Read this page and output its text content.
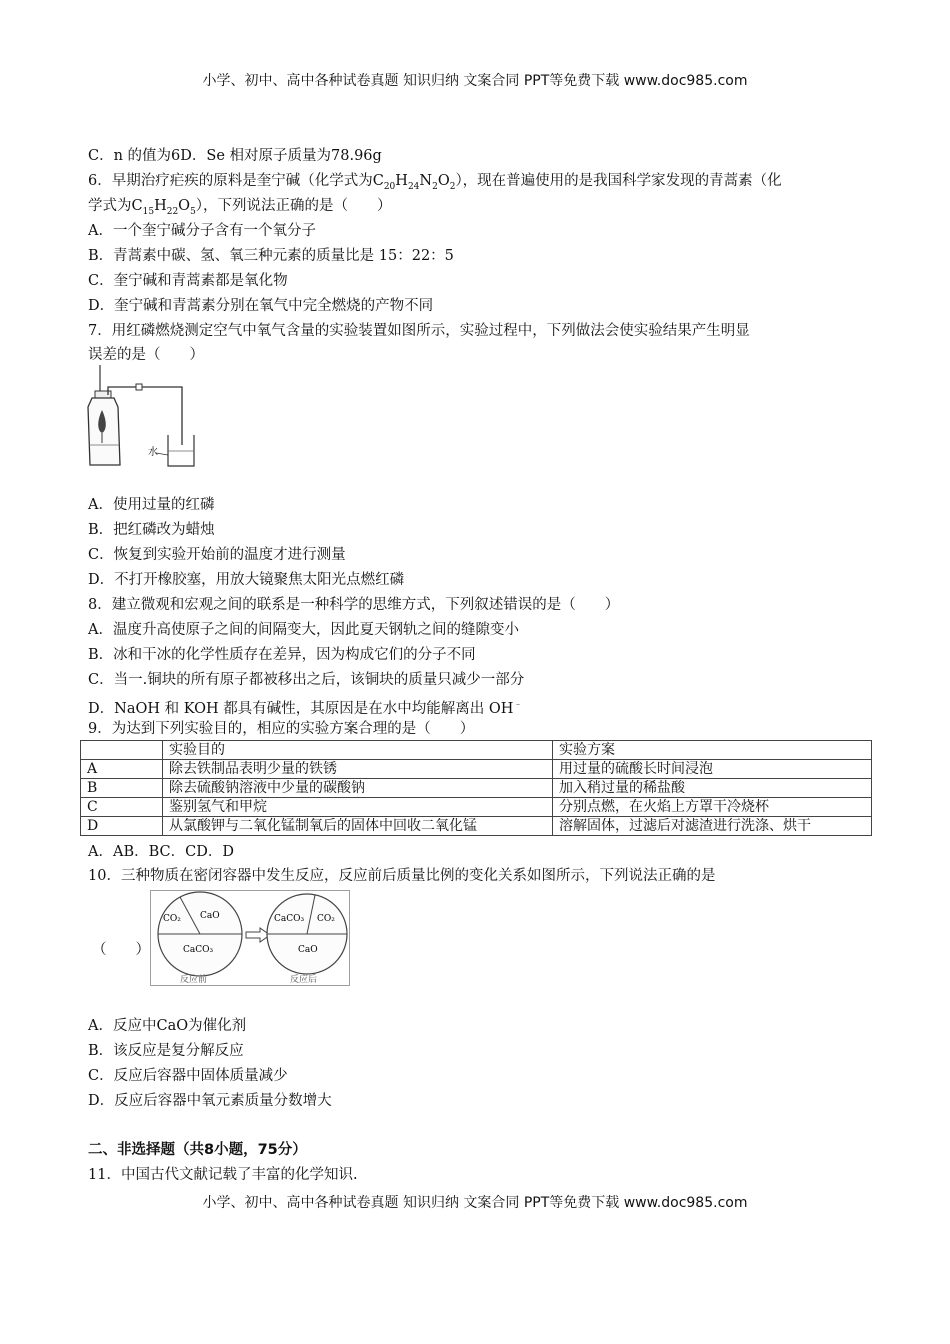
小学、初中、高中各种试卷真题 知识归纳 文案合同 PPT等免费下载 www.doc985.com
C．n 的值为6D．Se 相对原子质量为78.96g
6．早期治疗疟疾的原料是奎宁碱（化学式为$C_{20}H_{24}N_2O_2$），现在普遍使用的是我国科学家发现的青蒿素（化
学式为$C_{15}H_{22}O_5$），下列说法正确的是（　　）
A．一个奎宁碱分子含有一个氧分子
B．青蒿素中碳、氢、氧三种元素的质量比是 15：22：5
C．奎宁碱和青蒿素都是氧化物
D．奎宁碱和青蒿素分别在氧气中完全燃烧的产物不同
7．用红磷燃烧测定空气中氧气含量的实验装置如图所示，实验过程中，下列做法会使实验结果产生明显
误差的是（　　）
水
A．使用过量的红磷
B．把红磷改为蜡烛
C．恢复到实验开始前的温度才进行测量
D．不打开橡胶塞，用放大镜聚焦太阳光点燃红磷
8．建立微观和宏观之间的联系是一种科学的思维方式，下列叙述错误的是（　　）
A．温度升高使原子之间的间隔变大，因此夏天钢轨之间的缝隙变小
B．冰和干冰的化学性质存在差异，因为构成它们的分子不同
C．当一.铜块的所有原子都被移出之后，该铜块的质量只减少一部分
D．NaOH 和 KOH 都具有碱性，其原因是在水中均能解离出 OH﹣
9．为达到下列实验目的，相应的实验方案合理的是（　　）
	实验目的	实验方案
A	除去铁制品表明少量的铁锈	用过量的硫酸长时间浸泡
B	除去硫酸钠溶液中少量的碳酸钠	加入稍过量的稀盐酸
C	鉴别氢气和甲烷	分别点燃，在火焰上方罩干冷烧杯
D	从氯酸钾与二氧化锰制氧后的固体中回收二氧化锰	溶解固体，过滤后对滤渣进行洗涤、烘干
A．AB．BC．CD．D
10．三种物质在密闭容器中发生反应，反应前后质量比例的变化关系如图所示，下列说法正确的是
CO₂ CaO
CaCO₃
CaCO₃ CO₂
CaO
反应前	反应后
（　　）
A．反应中CaO为催化剂
B．该反应是复分解反应
C．反应后容器中固体质量减少
D．反应后容器中氧元素质量分数增大
二、非选择题（共8小题，75分）
11．中国古代文献记载了丰富的化学知识.
小学、初中、高中各种试卷真题 知识归纳 文案合同 PPT等免费下载 www.doc985.com
